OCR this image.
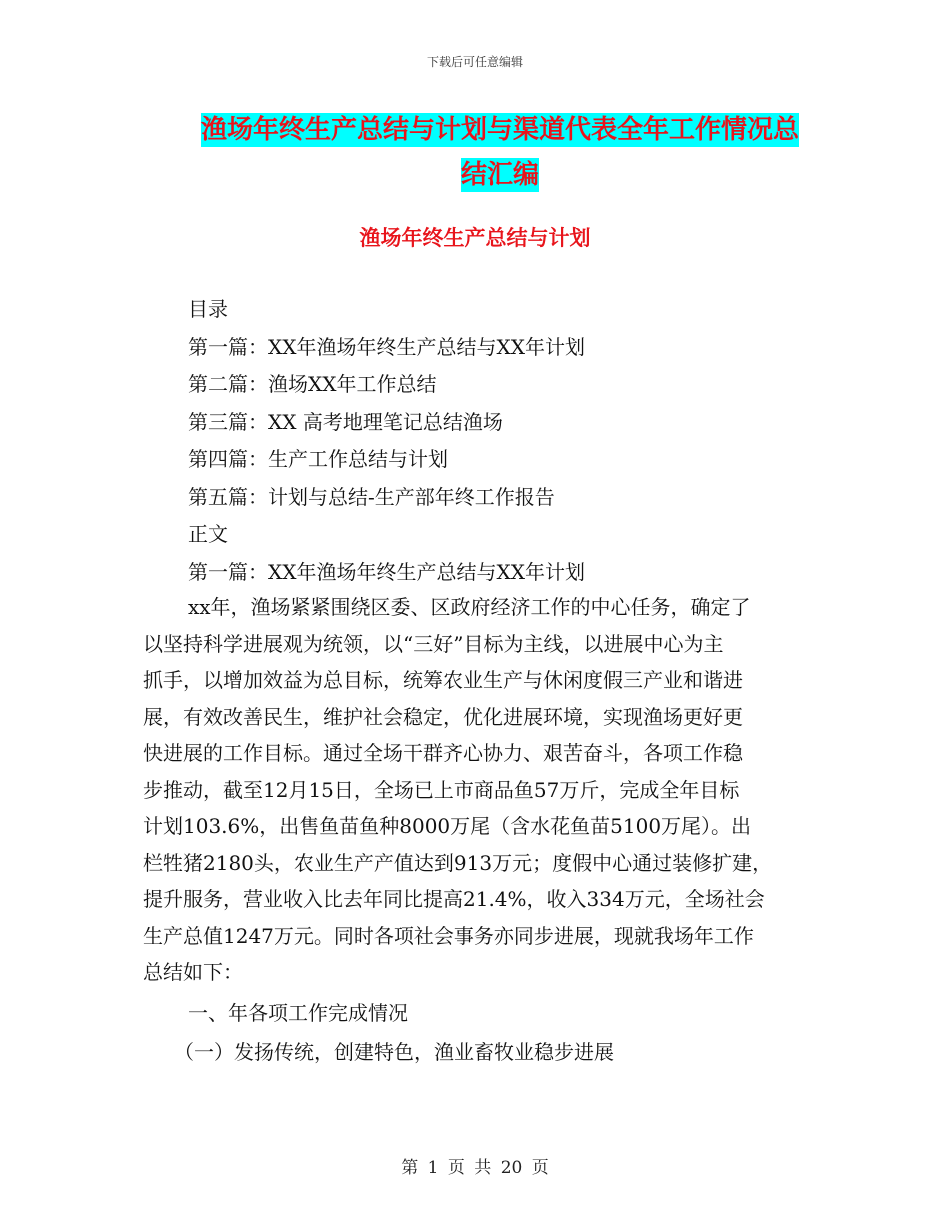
下载后可任意编辑
渔场年终生产总结与计划与渠道代表全年工作情况总
结汇编
渔场年终生产总结与计划
目录
第一篇：XX年渔场年终生产总结与XX年计划
第二篇：渔场XX年工作总结
第三篇：XX 高考地理笔记总结渔场
第四篇：生产工作总结与计划
第五篇：计划与总结-生产部年终工作报告
正文
第一篇：XX年渔场年终生产总结与XX年计划
xx年，渔场紧紧围绕区委、区政府经济工作的中心任务，确定了
以坚持科学进展观为统领，以“三好”目标为主线，以进展中心为主
抓手，以增加效益为总目标，统筹农业生产与休闲度假三产业和谐进
展，有效改善民生，维护社会稳定，优化进展环境，实现渔场更好更
快进展的工作目标。通过全场干群齐心协力、艰苦奋斗，各项工作稳
步推动，截至12月15日，全场已上市商品鱼57万斤，完成全年目标
计划103.6%，出售鱼苗鱼种8000万尾（含水花鱼苗5100万尾）。出
栏牲猪2180头，农业生产产值达到913万元；度假中心通过装修扩建，
提升服务，营业收入比去年同比提高21.4%，收入334万元，全场社会
生产总值1247万元。同时各项社会事务亦同步进展，现就我场年工作
总结如下：
一、年各项工作完成情况
（一）发扬传统，创建特色，渔业畜牧业稳步进展
第 1 页 共 20 页
